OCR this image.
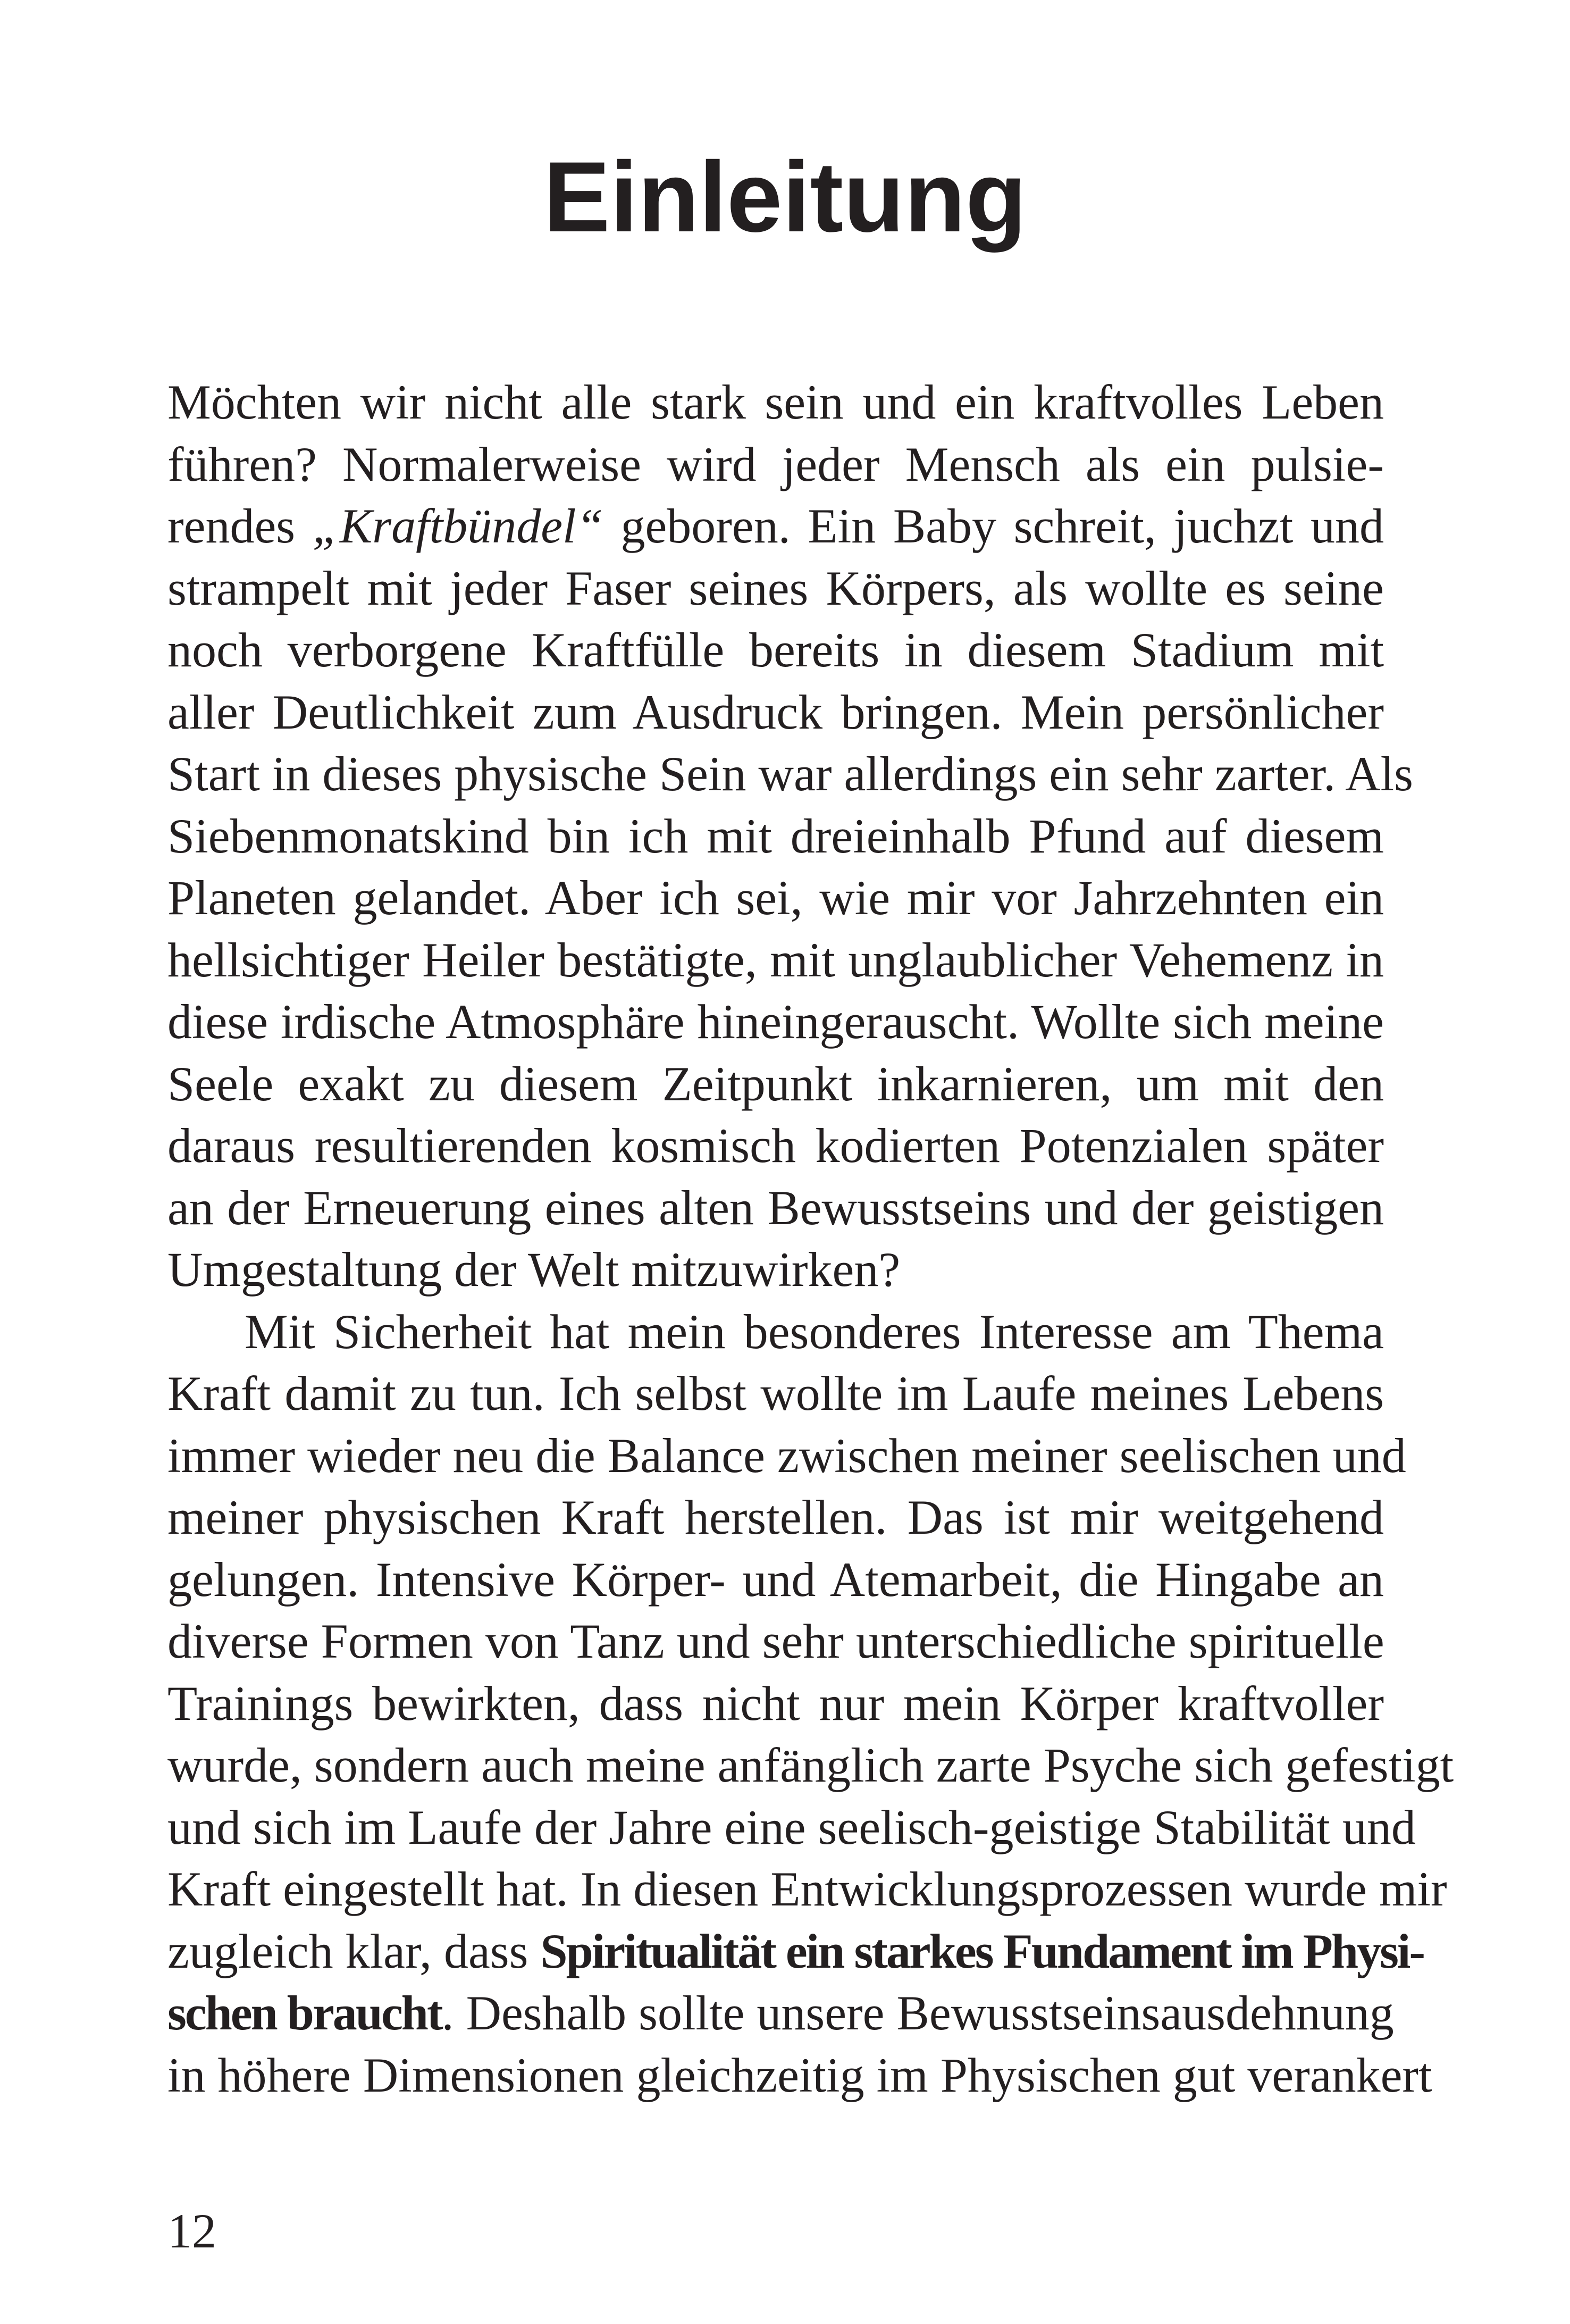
Einleitung
Möchten wir nicht alle stark sein und ein kraftvolles Leben
führen? Normalerweise wird jeder Mensch als ein pulsie-
rendes „Kraftbündel“ geboren. Ein Baby schreit, juchzt und
strampelt mit jeder Faser seines Körpers, als wollte es seine
noch verborgene Kraftfülle bereits in diesem Stadium mit
aller Deutlichkeit zum Ausdruck bringen. Mein persönlicher
Start in dieses physische Sein war allerdings ein sehr zarter. Als
Siebenmonatskind bin ich mit dreieinhalb Pfund auf diesem
Planeten gelandet. Aber ich sei, wie mir vor Jahrzehnten ein
hellsichtiger Heiler bestätigte, mit unglaublicher Vehemenz in
diese irdische Atmosphäre hineingerauscht. Wollte sich meine
Seele exakt zu diesem Zeitpunkt inkarnieren, um mit den
daraus resultierenden kosmisch kodierten Potenzialen später
an der Erneuerung eines alten Bewusstseins und der geistigen
Umgestaltung der Welt mitzuwirken?
Mit Sicherheit hat mein besonderes Interesse am Thema
Kraft damit zu tun. Ich selbst wollte im Laufe meines Lebens
immer wieder neu die Balance zwischen meiner seelischen und
meiner physischen Kraft herstellen. Das ist mir weitgehend
gelungen. Intensive Körper- und Atemarbeit, die Hingabe an
diverse Formen von Tanz und sehr unterschiedliche spirituelle
Trainings bewirkten, dass nicht nur mein Körper kraftvoller
wurde, sondern auch meine anfänglich zarte Psyche sich gefestigt
und sich im Laufe der Jahre eine seelisch-geistige Stabilität und
Kraft eingestellt hat. In diesen Entwicklungsprozessen wurde mir
zugleich klar, dass Spiritualität ein starkes Fundament im Physi-
schen braucht. Deshalb sollte unsere Bewusstseinsausdehnung
in höhere Dimensionen gleichzeitig im Physischen gut verankert
12
